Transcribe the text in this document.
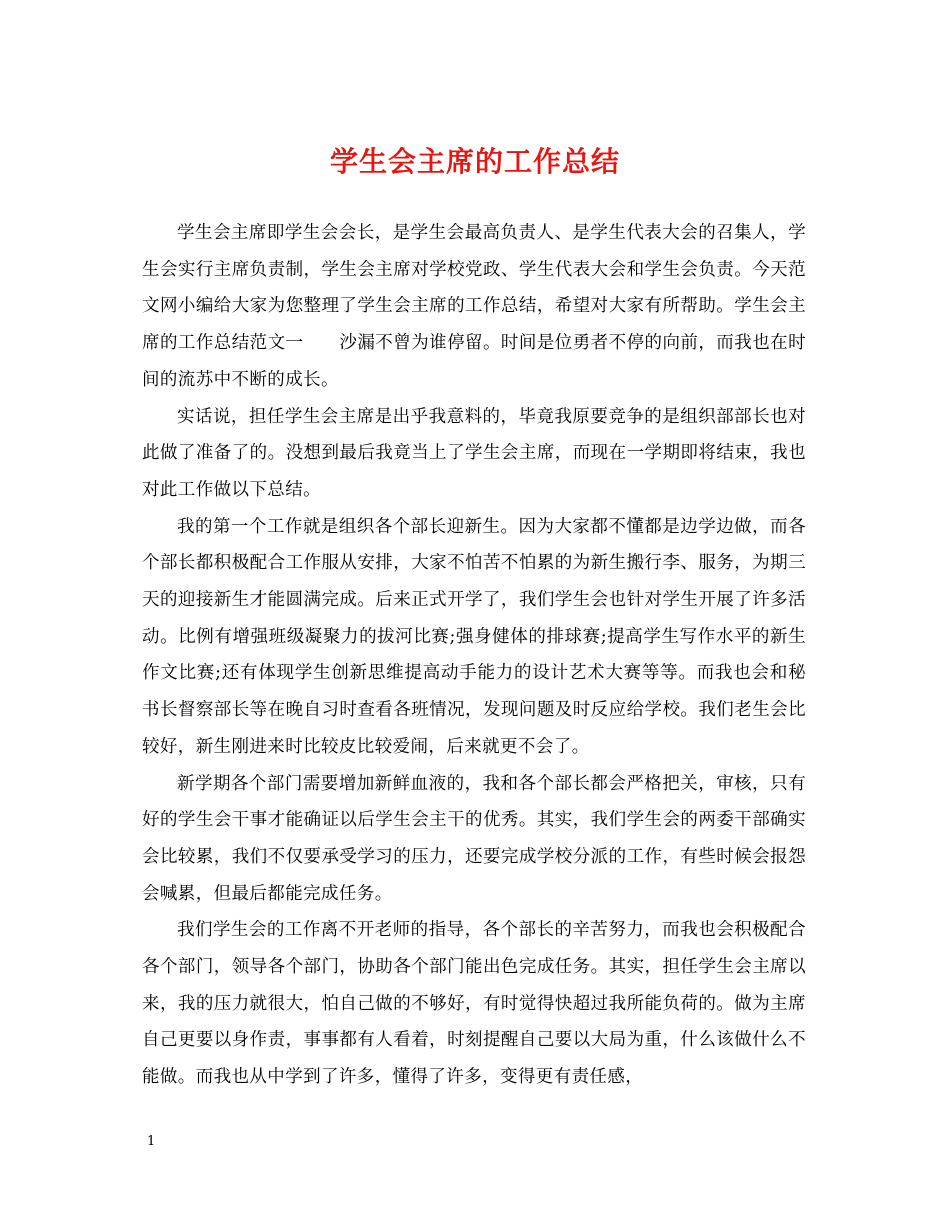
学生会主席的工作总结

学生会主席即学生会会长，是学生会最高负责人、是学生代表大会的召集人，学生会实行主席负责制，学生会主席对学校党政、学生代表大会和学生会负责。今天范文网小编给大家为您整理了学生会主席的工作总结，希望对大家有所帮助。学生会主席的工作总结范文一　　沙漏不曾为谁停留。时间是位勇者不停的向前，而我也在时间的流苏中不断的成长。

实话说，担任学生会主席是出乎我意料的，毕竟我原要竞争的是组织部部长也对此做了准备了的。没想到最后我竟当上了学生会主席，而现在一学期即将结束，我也对此工作做以下总结。

我的第一个工作就是组织各个部长迎新生。因为大家都不懂都是边学边做，而各个部长都积极配合工作服从安排，大家不怕苦不怕累的为新生搬行李、服务，为期三天的迎接新生才能圆满完成。后来正式开学了，我们学生会也针对学生开展了许多活动。比例有增强班级凝聚力的拔河比赛;强身健体的排球赛;提高学生写作水平的新生作文比赛;还有体现学生创新思维提高动手能力的设计艺术大赛等等。而我也会和秘书长督察部长等在晚自习时查看各班情况，发现问题及时反应给学校。我们老生会比较好，新生刚进来时比较皮比较爱闹，后来就更不会了。

新学期各个部门需要增加新鲜血液的，我和各个部长都会严格把关，审核，只有好的学生会干事才能确证以后学生会主干的优秀。其实，我们学生会的两委干部确实会比较累，我们不仅要承受学习的压力，还要完成学校分派的工作，有些时候会报怨会喊累，但最后都能完成任务。

我们学生会的工作离不开老师的指导，各个部长的辛苦努力，而我也会积极配合各个部门，领导各个部门，协助各个部门能出色完成任务。其实，担任学生会主席以来，我的压力就很大，怕自己做的不够好，有时觉得快超过我所能负荷的。做为主席自己更要以身作责，事事都有人看着，时刻提醒自己要以大局为重，什么该做什么不能做。而我也从中学到了许多，懂得了许多，变得更有责任感，

1
